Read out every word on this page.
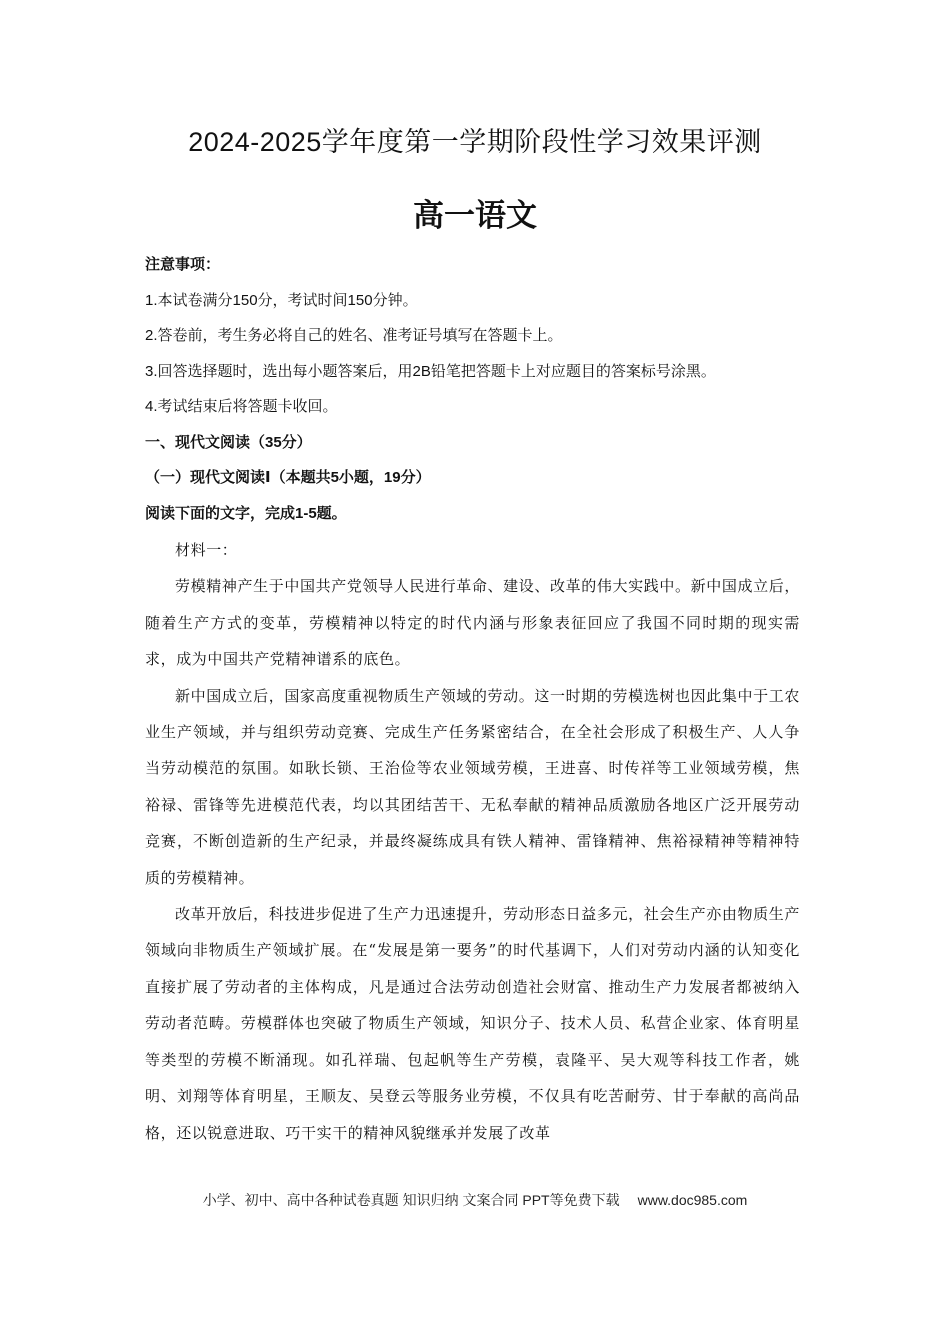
2024-2025学年度第一学期阶段性学习效果评测
高一语文
注意事项：
1.本试卷满分150分，考试时间150分钟。
2.答卷前，考生务必将自己的姓名、准考证号填写在答题卡上。
3.回答选择题时，选出每小题答案后，用2B铅笔把答题卡上对应题目的答案标号涂黑。
4.考试结束后将答题卡收回。
一、现代文阅读（35分）
（一）现代文阅读Ⅰ（本题共5小题，19分）
阅读下面的文字，完成1-5题。

材料一：

劳模精神产生于中国共产党领导人民进行革命、建设、改革的伟大实践中。新中国成立后，随着生产方式的变革，劳模精神以特定的时代内涵与形象表征回应了我国不同时期的现实需求，成为中国共产党精神谱系的底色。

新中国成立后，国家高度重视物质生产领域的劳动。这一时期的劳模选树也因此集中于工农业生产领域，并与组织劳动竞赛、完成生产任务紧密结合，在全社会形成了积极生产、人人争当劳动模范的氛围。如耿长锁、王治俭等农业领域劳模，王进喜、时传祥等工业领域劳模，焦裕禄、雷锋等先进模范代表，均以其团结苦干、无私奉献的精神品质激励各地区广泛开展劳动竞赛，不断创造新的生产纪录，并最终凝练成具有铁人精神、雷锋精神、焦裕禄精神等精神特质的劳模精神。

改革开放后，科技进步促进了生产力迅速提升，劳动形态日益多元，社会生产亦由物质生产领域向非物质生产领域扩展。在“发展是第一要务”的时代基调下，人们对劳动内涵的认知变化直接扩展了劳动者的主体构成，凡是通过合法劳动创造社会财富、推动生产力发展者都被纳入劳动者范畴。劳模群体也突破了物质生产领域，知识分子、技术人员、私营企业家、体育明星等类型的劳模不断涌现。如孔祥瑞、包起帆等生产劳模，袁隆平、吴大观等科技工作者，姚明、刘翔等体育明星，王顺友、吴登云等服务业劳模，不仅具有吃苦耐劳、甘于奉献的高尚品格，还以锐意进取、巧干实干的精神风貌继承并发展了改革

小学、初中、高中各种试卷真题 知识归纳 文案合同 PPT等免费下载 www.doc985.com
